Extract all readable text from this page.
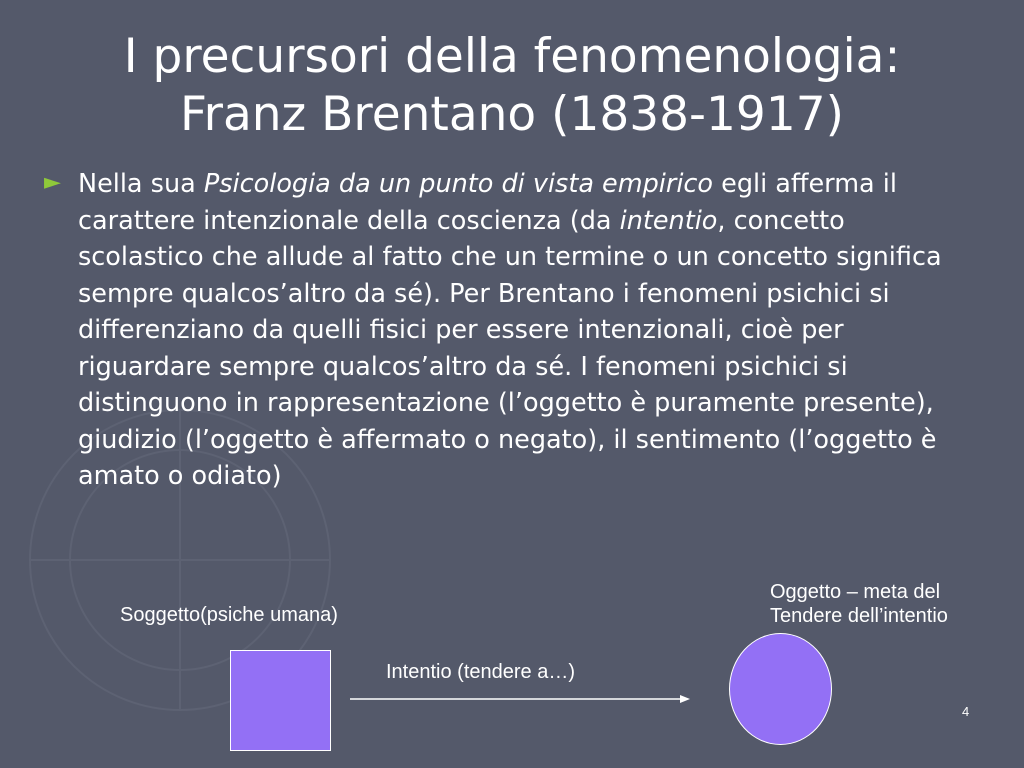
I precursori della fenomenologia:
Franz Brentano (1838-1917)
► Nella sua Psicologia da un punto di vista empirico egli afferma il carattere intenzionale della coscienza (da intentio, concetto scolastico che allude al fatto che un termine o un concetto significa sempre qualcos’altro da sé). Per Brentano i fenomeni psichici si differenziano da quelli fisici per essere intenzionali, cioè per riguardare sempre qualcos’altro da sé. I fenomeni psichici si distinguono in rappresentazione (l’oggetto è puramente presente), giudizio (l’oggetto è affermato o negato), il sentimento (l’oggetto è amato o odiato)

Soggetto(psiche umana)
Oggetto – meta del
Tendere dell’intentio
Intentio (tendere a…)
4
